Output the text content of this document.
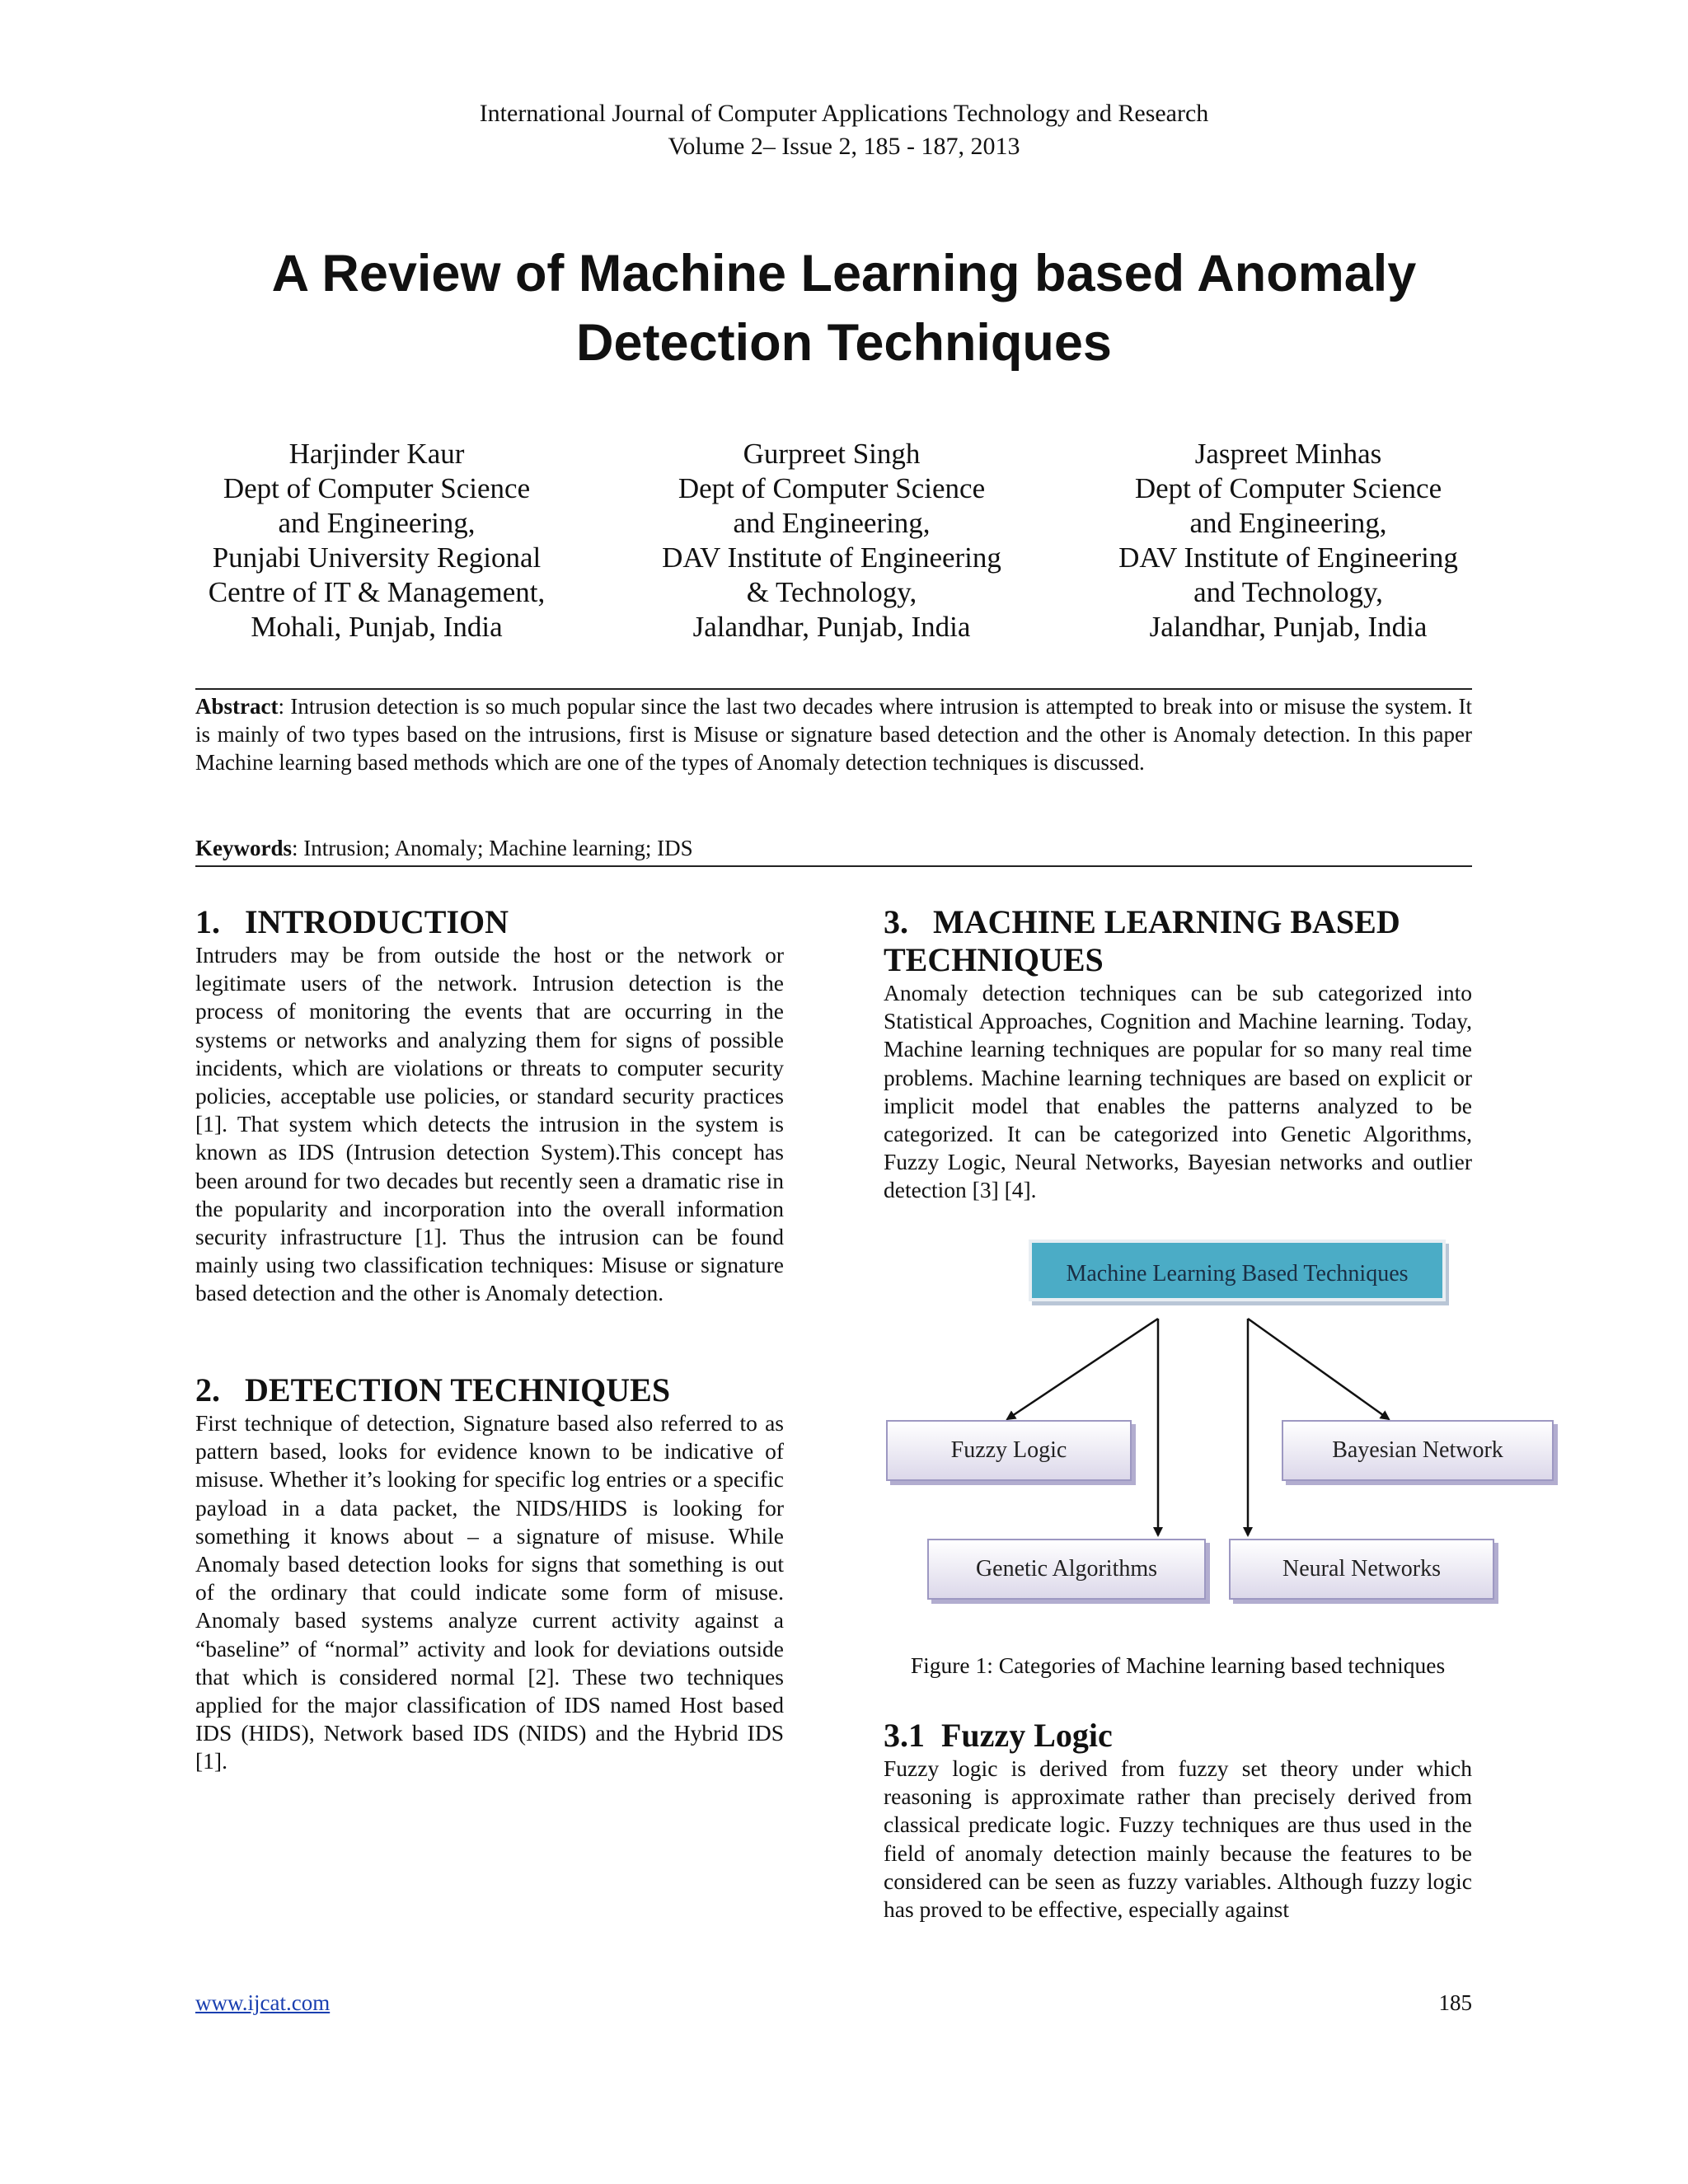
International Journal of Computer Applications Technology and Research
Volume 2– Issue 2, 185 - 187, 2013
A Review of Machine Learning based Anomaly
Detection Techniques
Harjinder Kaur
Dept of Computer Science
and Engineering,
Punjabi University Regional
Centre of IT & Management,
Mohali, Punjab, India
Gurpreet Singh
Dept of Computer Science
and Engineering,
DAV Institute of Engineering
& Technology,
Jalandhar, Punjab, India
Jaspreet Minhas
Dept of Computer Science
and Engineering,
DAV Institute of Engineering
and Technology,
Jalandhar, Punjab, India
Abstract: Intrusion detection is so much popular since the last two decades where intrusion is attempted to break into or misuse the system. It is mainly of two types based on the intrusions, first is Misuse or signature based detection and the other is Anomaly detection. In this paper Machine learning based methods which are one of the types of Anomaly detection techniques is discussed.
Keywords: Intrusion; Anomaly; Machine learning; IDS
1. INTRODUCTION

Intruders may be from outside the host or the network or legitimate users of the network. Intrusion detection is the process of monitoring the events that are occurring in the systems or networks and analyzing them for signs of possible incidents, which are violations or threats to computer security policies, acceptable use policies, or standard security practices [1]. That system which detects the intrusion in the system is known as IDS (Intrusion detection System).This concept has been around for two decades but recently seen a dramatic rise in the popularity and incorporation into the overall information security infrastructure [1]. Thus the intrusion can be found mainly using two classification techniques: Misuse or signature based detection and the other is Anomaly detection.

2. DETECTION TECHNIQUES

First technique of detection, Signature based also referred to as pattern based, looks for evidence known to be indicative of misuse. Whether it’s looking for specific log entries or a specific payload in a data packet, the NIDS/HIDS is looking for something it knows about – a signature of misuse. While Anomaly based detection looks for signs that something is out of the ordinary that could indicate some form of misuse. Anomaly based systems analyze current activity against a “baseline” of “normal” activity and look for deviations outside that which is considered normal [2]. These two techniques applied for the major classification of IDS named Host based IDS (HIDS), Network based IDS (NIDS) and the Hybrid IDS [1].

3. MACHINE LEARNING BASED
TECHNIQUES

Anomaly detection techniques can be sub categorized into Statistical Approaches, Cognition and Machine learning. Today, Machine learning techniques are popular for so many real time problems. Machine learning techniques are based on explicit or implicit model that enables the patterns analyzed to be categorized. It can be categorized into Genetic Algorithms, Fuzzy Logic, Neural Networks, Bayesian networks and outlier detection [3] [4].

Machine Learning Based Techniques
Fuzzy Logic	Bayesian Network
Genetic Algorithms	Neural Networks
Figure 1: Categories of Machine learning based techniques
3.1 Fuzzy Logic

Fuzzy logic is derived from fuzzy set theory under which reasoning is approximate rather than precisely derived from classical predicate logic. Fuzzy techniques are thus used in the field of anomaly detection mainly because the features to be considered can be seen as fuzzy variables. Although fuzzy logic has proved to be effective, especially against

www.ijcat.com	185
